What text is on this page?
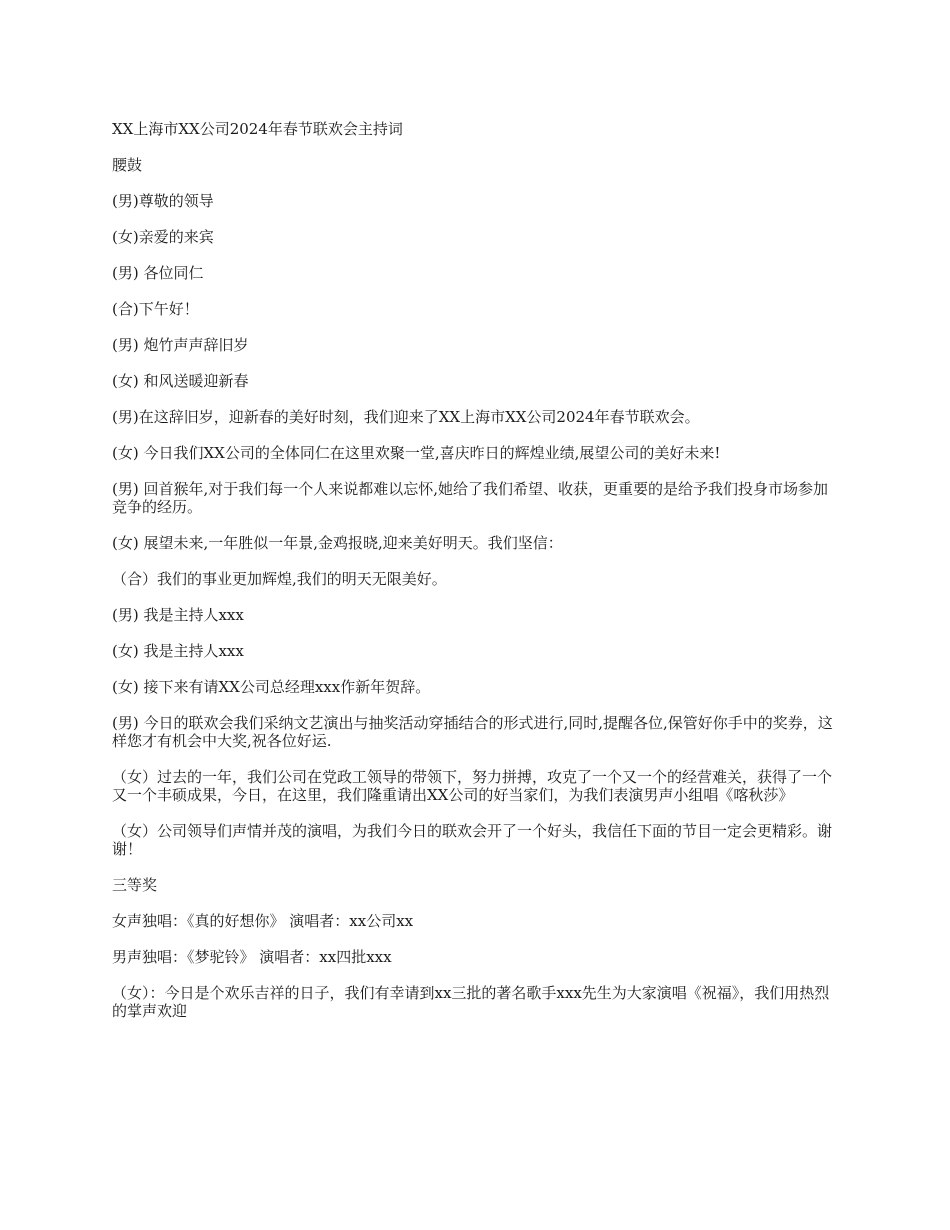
XX上海市XX公司2024年春节联欢会主持词

腰鼓

(男)尊敬的领导

(女)亲爱的来宾

(男) 各位同仁

(合)下午好！

(男) 炮竹声声辞旧岁

(女) 和风送暖迎新春

(男)在这辞旧岁，迎新春的美好时刻，我们迎来了XX上海市XX公司2024年春节联欢会。

(女) 今日我们XX公司的全体同仁在这里欢聚一堂,喜庆昨日的辉煌业绩,展望公司的美好未来!

(男) 回首猴年,对于我们每一个人来说都难以忘怀,她给了我们希望、收获，更重要的是给予我们投身市场参加竞争的经历。

(女) 展望未来,一年胜似一年景,金鸡报晓,迎来美好明天。我们坚信：

（合）我们的事业更加辉煌,我们的明天无限美好。

(男) 我是主持人xxx

(女) 我是主持人xxx

(女) 接下来有请XX公司总经理xxx作新年贺辞。

(男) 今日的联欢会我们采纳文艺演出与抽奖活动穿插结合的形式进行,同时,提醒各位,保管好你手中的奖券，这样您才有机会中大奖,祝各位好运.

（女）过去的一年，我们公司在党政工领导的带领下，努力拼搏，攻克了一个又一个的经营难关，获得了一个又一个丰硕成果，今日，在这里，我们隆重请出XX公司的好当家们，为我们表演男声小组唱《喀秋莎》

（女）公司领导们声情并茂的演唱，为我们今日的联欢会开了一个好头，我信任下面的节目一定会更精彩。谢谢！

三等奖

女声独唱：《真的好想你》 演唱者：xx公司xx

男声独唱：《梦驼铃》 演唱者：xx四批xxx

（女）：今日是个欢乐吉祥的日子，我们有幸请到xx三批的著名歌手xxx先生为大家演唱《祝福》，我们用热烈的掌声欢迎
